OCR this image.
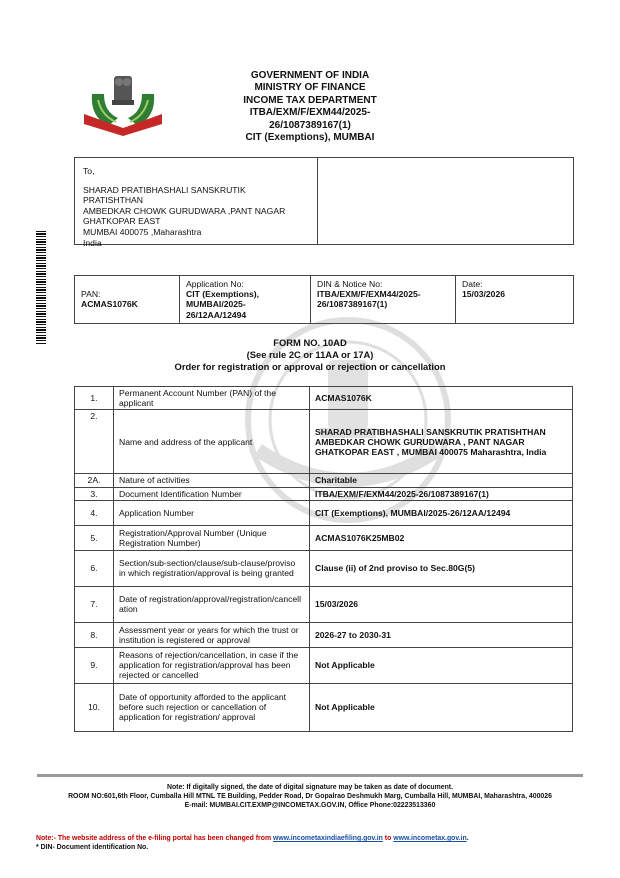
GOVERNMENT OF INDIA
MINISTRY OF FINANCE
INCOME TAX DEPARTMENT
ITBA/EXM/F/EXM44/2025-
26/1087389167(1)
CIT (Exemptions), MUMBAI
To,
SHARAD PRATIBHASHALI SANSKRUTIK
PRATISHTHAN
AMBEDKAR CHOWK GURUDWARA ,PANT NAGAR
GHATKOPAR EAST
MUMBAI 400075 ,Maharashtra
India
PAN:
ACMAS1076K	
Application No:
CIT (Exemptions),
MUMBAI/2025-
26/12AA/12494

DIN & Notice No:
ITBA/EXM/F/EXM44/2025-
26/1087389167(1)

Date:
15/03/2026
FORM NO. 10AD
(See rule 2C or 11AA or 17A)
Order for registration or approval or rejection or cancellation
1.	Permanent Account Number (PAN) of the applicant	ACMAS1076K
2.	Name and address of the applicant	SHARAD PRATIBHASHALI SANSKRUTIK PRATISHTHAN AMBEDKAR CHOWK GURUDWARA , PANT NAGAR GHATKOPAR EAST , MUMBAI 400075 Maharashtra, India
2A.	Nature of activities	Charitable
3.	Document Identification Number	ITBA/EXM/F/EXM44/2025-26/1087389167(1)
4.	Application Number	CIT (Exemptions), MUMBAI/2025-26/12AA/12494
5.	Registration/Approval Number (Unique Registration Number)	ACMAS1076K25MB02
6.	Section/sub-section/clause/sub-clause/proviso in which registration/approval is being granted	Clause (ii) of 2nd proviso to Sec.80G(5)
7.	Date of registration/approval/registration/cancellation	15/03/2026
8.	Assessment year or years for which the trust or institution is registered or approval	2026-27 to 2030-31
9.	Reasons of rejection/cancellation, in case if the application for registration/approval has been rejected or cancelled	Not Applicable
10.	Date of opportunity afforded to the applicant before such rejection or cancellation of application for registration/ approval	Not Applicable
Note: If digitally signed, the date of digital signature may be taken as date of document.
ROOM NO:601,6th Floor, Cumballa Hill MTNL TE Building, Pedder Road, Dr Gopalrao Deshmukh Marg, Cumballa Hill, MUMBAI, Maharashtra, 400026
E-mail: MUMBAI.CIT.EXMP@INCOMETAX.GOV.IN, Office Phone:02223513360
Note:- The website address of the e-filing portal has been changed from www.incometaxindiaefiling.gov.in to www.incometax.gov.in.
* DIN- Document identification No.
